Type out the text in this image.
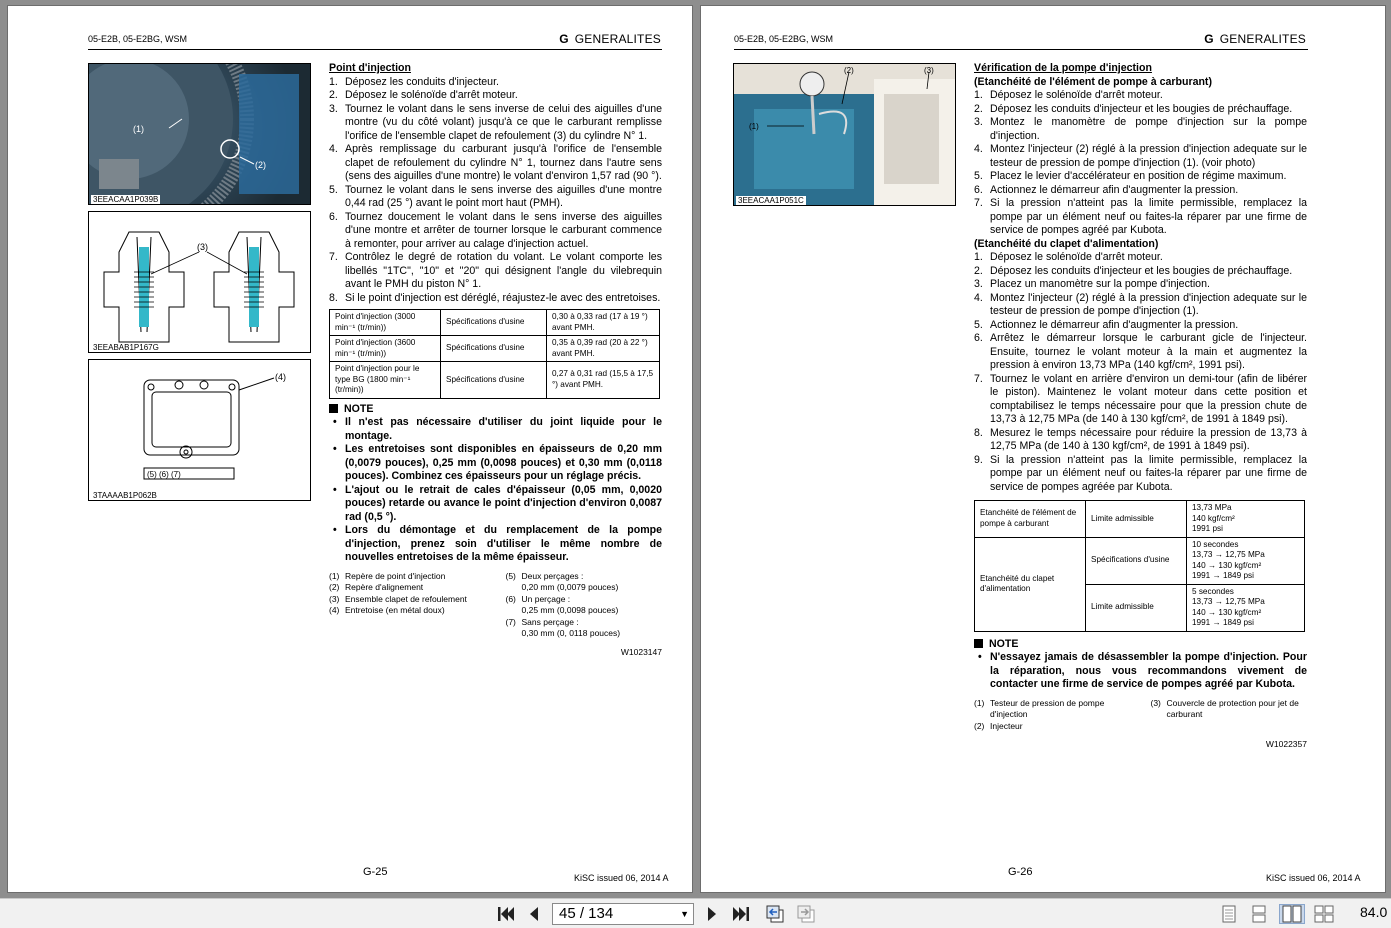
05-E2B, 05-E2BG, WSM	G GENERALITES
(1)
(2)
3EEACAA1P039B
(3)
3EEABAB1P167G
(4)
(5) (6) (7)
3TAAAAB1P062B
Point d'injection
1. Déposez les conduits d'injecteur.
2. Déposez le solénoïde d'arrêt moteur.
3. Tournez le volant dans le sens inverse de celui des aiguilles d'une montre (vu du côté volant) jusqu'à ce que le carburant remplisse l'orifice de l'ensemble clapet de refoulement (3) du cylindre N° 1.
4. Après remplissage du carburant jusqu'à l'orifice de l'ensemble clapet de refoulement du cylindre N° 1, tournez dans l'autre sens (sens des aiguilles d'une montre) le volant d'environ 1,57 rad (90 °).
5. Tournez le volant dans le sens inverse des aiguilles d'une montre 0,44 rad (25 °) avant le point mort haut (PMH).
6. Tournez doucement le volant dans le sens inverse des aiguilles d'une montre et arrêter de tourner lorsque le carburant commence à remonter, pour arriver au calage d'injection actuel.
7. Contrôlez le degré de rotation du volant. Le volant comporte les libellés "1TC", "10" et "20" qui désignent l'angle du vilebrequin avant le PMH du piston N° 1.
8. Si le point d'injection est déréglé, réajustez-le avec des entretoises.
Point d'injection (3000 min⁻¹ (tr/min))	Spécifications d'usine	0,30 à 0,33 rad (17 à 19 °) avant PMH.
Point d'injection (3600 min⁻¹ (tr/min))	Spécifications d'usine	0,35 à 0,39 rad (20 à 22 °) avant PMH.
Point d'injection pour le type BG (1800 min⁻¹ (tr/min))	Spécifications d'usine	0,27 à 0,31 rad (15,5 à 17,5 °) avant PMH.
NOTE
• Il n'est pas nécessaire d'utiliser du joint liquide pour le montage.
• Les entretoises sont disponibles en épaisseurs de 0,20 mm (0,0079 pouces), 0,25 mm (0,0098 pouces) et 0,30 mm (0,0118 pouces). Combinez ces épaisseurs pour un réglage précis.
• L'ajout ou le retrait de cales d'épaisseur (0,05 mm, 0,0020 pouces) retarde ou avance le point d'injection d'environ 0,0087 rad (0,5 °).
• Lors du démontage et du remplacement de la pompe d'injection, prenez soin d'utiliser le même nombre de nouvelles entretoises de la même épaisseur.
(1) Repère de point d'injection
(2) Repère d'alignement
(3) Ensemble clapet de refoulement
(4) Entretoise (en métal doux)
(5) Deux perçages :
0,20 mm (0,0079 pouces)
(6) Un perçage :
0,25 mm (0,0098 pouces)
(7) Sans perçage :
0,30 mm (0, 0118 pouces)
W1023147
G-25	KiSC issued 06, 2014 A
05-E2B, 05-E2BG, WSM	G GENERALITES
(1)
(2)	(3)
3EEACAA1P051C
Vérification de la pompe d'injection
(Etanchéité de l'élément de pompe à carburant)
1. Déposez le solénoïde d'arrêt moteur.
2. Déposez les conduits d'injecteur et les bougies de préchauffage.
3. Montez le manomètre de pompe d'injection sur la pompe d'injection.
4. Montez l'injecteur (2) réglé à la pression d'injection adequate sur le testeur de pression de pompe d'injection (1). (voir photo)
5. Placez le levier d'accélérateur en position de régime maximum.
6. Actionnez le démarreur afin d'augmenter la pression.
7. Si la pression n'atteint pas la limite permissible, remplacez la pompe par un élément neuf ou faites-la réparer par une firme de service de pompes agréé par Kubota.
(Etanchéité du clapet d'alimentation)
1. Déposez le solénoïde d'arrêt moteur.
2. Déposez les conduits d'injecteur et les bougies de préchauffage.
3. Placez un manomètre sur la pompe d'injection.
4. Montez l'injecteur (2) réglé à la pression d'injection adequate sur le testeur de pression de pompe d'injection (1).
5. Actionnez le démarreur afin d'augmenter la pression.
6. Arrêtez le démarreur lorsque le carburant gicle de l'injecteur. Ensuite, tournez le volant moteur à la main et augmentez la pression à environ 13,73 MPa (140 kgf/cm², 1991 psi).
7. Tournez le volant en arrière d'environ un demi-tour (afin de libérer le piston). Maintenez le volant moteur dans cette position et comptabilisez le temps nécessaire pour que la pression chute de 13,73 à 12,75 MPa (de 140 à 130 kgf/cm², de 1991 à 1849 psi).
8. Mesurez le temps nécessaire pour réduire la pression de 13,73 à 12,75 MPa (de 140 à 130 kgf/cm², de 1991 à 1849 psi).
9. Si la pression n'atteint pas la limite permissible, remplacez la pompe par un élément neuf ou faites-la réparer par une firme de service de pompes agréée par Kubota.
Etanchéité de l'élément de pompe à carburant	Limite admissible	13,73 MPa
140 kgf/cm²
1991 psi

Etanchéité du clapet d'alimentation	Spécifications d'usine	10 secondes
13,73 → 12,75 MPa
140 → 130 kgf/cm²
1991 → 1849 psi

	Limite admissible	5 secondes
13,73 → 12,75 MPa
140 → 130 kgf/cm²
1991 → 1849 psi
NOTE
• N'essayez jamais de désassembler la pompe d'injection. Pour la réparation, nous vous recommandons vivement de contacter une firme de service de pompes agréé par Kubota.
(1) Testeur de pression de pompe d'injection
(2) Injecteur
(3) Couvercle de protection pour jet de carburant
W1022357
G-26	KiSC issued 06, 2014 A
45 / 134	▼	84.0
